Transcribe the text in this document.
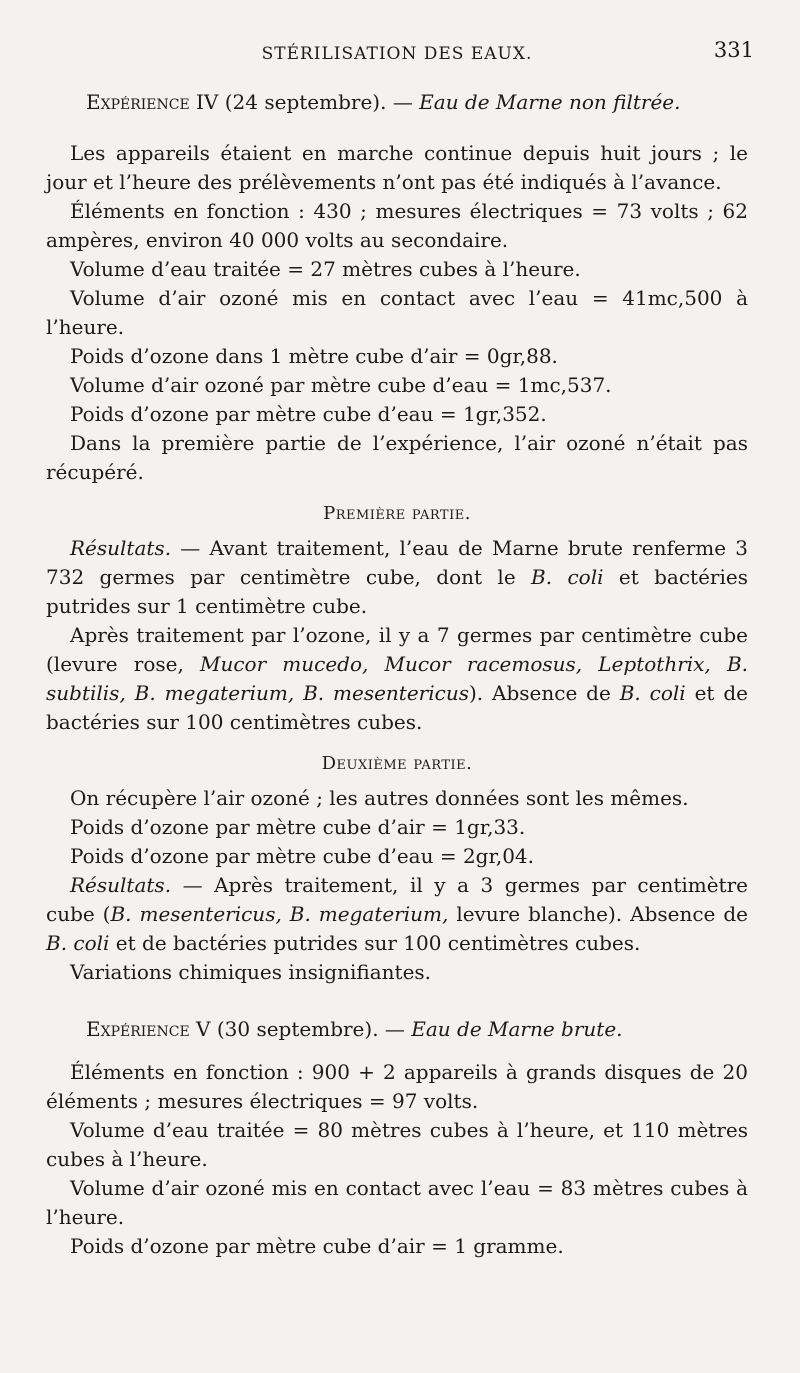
STÉRILISATION DES EAUX.	331
Expérience IV (24 septembre). — Eau de Marne non filtrée.

Les appareils étaient en marche continue depuis huit jours ; le jour et l’heure des prélèvements n’ont pas été indiqués à l’avance.

Éléments en fonction : 430 ; mesures électriques = 73 volts ; 62 ampères, environ 40 000 volts au secondaire.

Volume d’eau traitée = 27 mètres cubes à l’heure.

Volume d’air ozoné mis en contact avec l’eau = 41mc,500 à l’heure.

Poids d’ozone dans 1 mètre cube d’air = 0gr,88.

Volume d’air ozoné par mètre cube d’eau = 1mc,537.

Poids d’ozone par mètre cube d’eau = 1gr,352.

Dans la première partie de l’expérience, l’air ozoné n’était pas récupéré.

Première partie.

Résultats. — Avant traitement, l’eau de Marne brute renferme 3 732 germes par centimètre cube, dont le B. coli et bactéries putrides sur 1 centimètre cube.

Après traitement par l’ozone, il y a 7 germes par centimètre cube (levure rose, Mucor mucedo, Mucor racemosus, Leptothrix, B. subtilis, B. megaterium, B. mesentericus). Absence de B. coli et de bactéries sur 100 centimètres cubes.

Deuxième partie.

On récupère l’air ozoné ; les autres données sont les mêmes.

Poids d’ozone par mètre cube d’air = 1gr,33.

Poids d’ozone par mètre cube d’eau = 2gr,04.

Résultats. — Après traitement, il y a 3 germes par centimètre cube (B. mesentericus, B. megaterium, levure blanche). Absence de B. coli et de bactéries putrides sur 100 centimètres cubes.

Variations chimiques insignifiantes.

Expérience V (30 septembre). — Eau de Marne brute.

Éléments en fonction : 900 + 2 appareils à grands disques de 20 éléments ; mesures électriques = 97 volts.

Volume d’eau traitée = 80 mètres cubes à l’heure, et 110 mètres cubes à l’heure.

Volume d’air ozoné mis en contact avec l’eau = 83 mètres cubes à l’heure.

Poids d’ozone par mètre cube d’air = 1 gramme.
